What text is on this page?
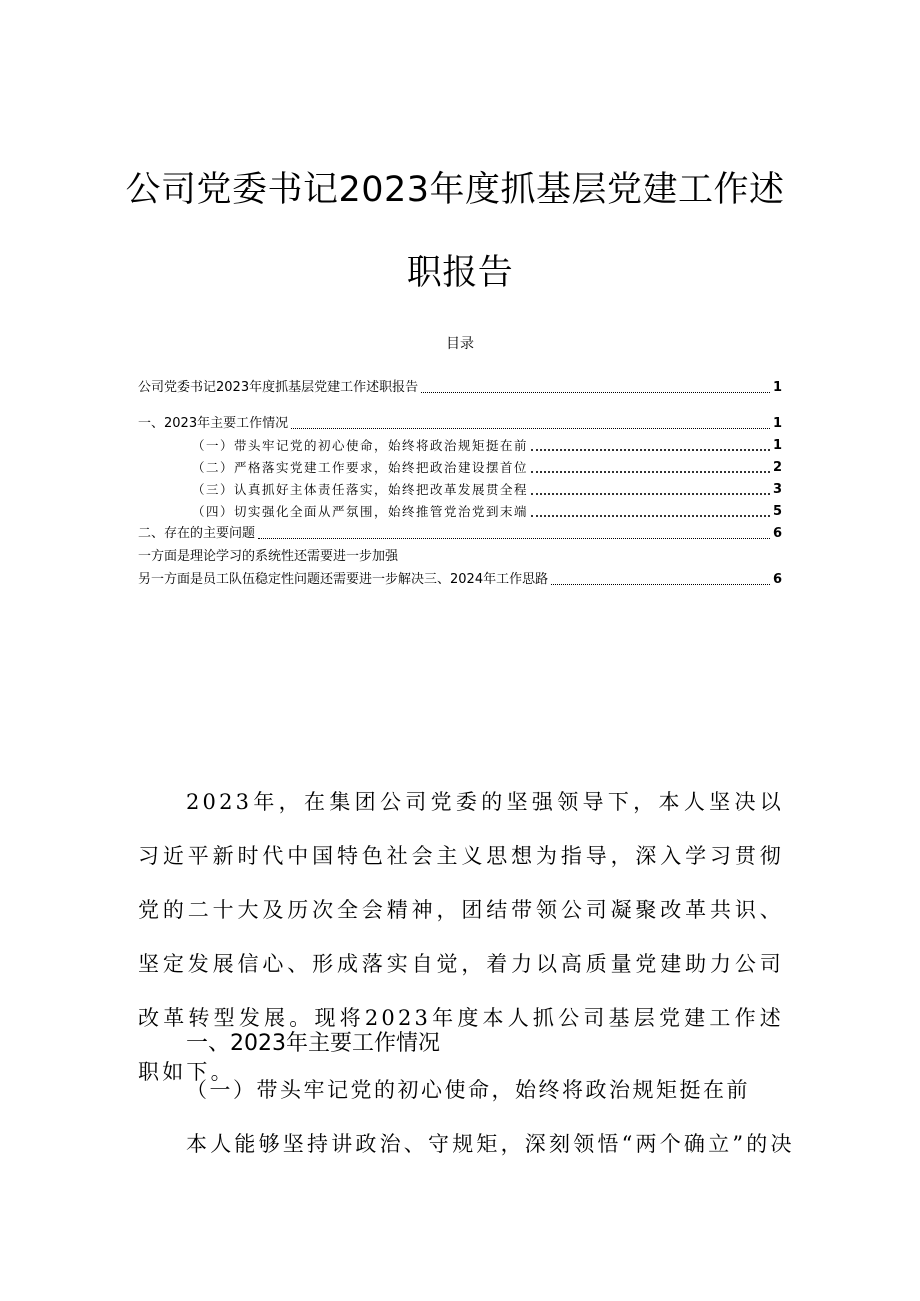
公司党委书记2023年度抓基层党建工作述
职报告
目录
公司党委书记2023年度抓基层党建工作述职报告	1
一、2023年主要工作情况	1
（一）带头牢记党的初心使命，始终将政治规矩挺在前	1
（二）严格落实党建工作要求，始终把政治建设摆首位	2
（三）认真抓好主体责任落实，始终把改革发展贯全程	3
（四）切实强化全面从严氛围，始终推管党治党到末端	5
二、存在的主要问题	6
一方面是理论学习的系统性还需要进一步加强
另一方面是员工队伍稳定性问题还需要进一步解决三、2024年工作思路	6

2023年，在集团公司党委的坚强领导下，本人坚决以习近平新时代中国特色社会主义思想为指导，深入学习贯彻党的二十大及历次全会精神，团结带领公司凝聚改革共识、坚定发展信心、形成落实自觉，着力以高质量党建助力公司改革转型发展。现将2023年度本人抓公司基层党建工作述职如下。

一、2023年主要工作情况

（一）带头牢记党的初心使命，始终将政治规矩挺在前

本人能够坚持讲政治、守规矩，深刻领悟“两个确立”的决
